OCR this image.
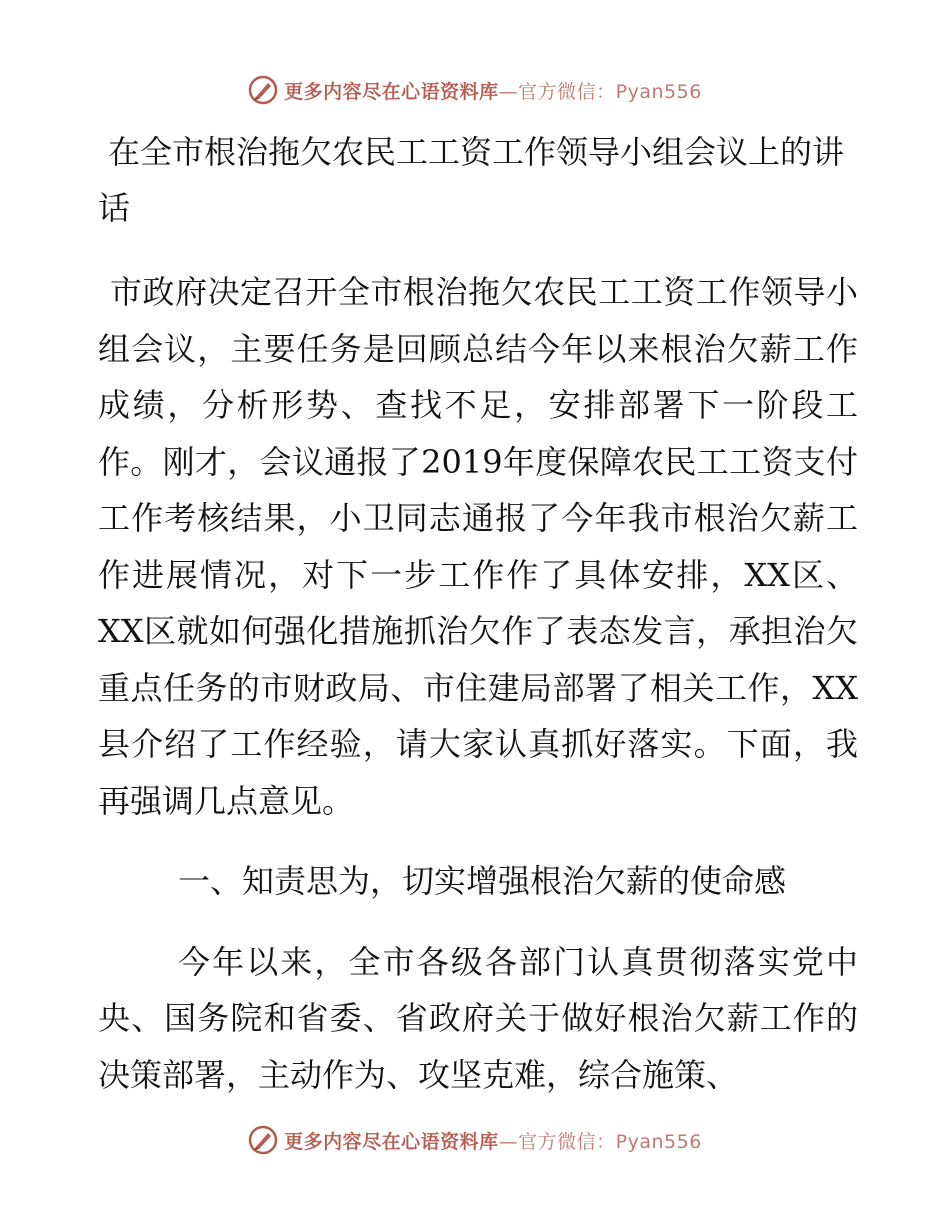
更多内容尽在心语资料库—官方微信：Pyan556
在全市根治拖欠农民工工资工作领导小组会议上的讲话

市政府决定召开全市根治拖欠农民工工资工作领导小组会议，主要任务是回顾总结今年以来根治欠薪工作成绩，分析形势、查找不足，安排部署下一阶段工作。刚才，会议通报了2019年度保障农民工工资支付工作考核结果，小卫同志通报了今年我市根治欠薪工作进展情况，对下一步工作作了具体安排，XX区、XX区就如何强化措施抓治欠作了表态发言，承担治欠重点任务的市财政局、市住建局部署了相关工作，XX县介绍了工作经验，请大家认真抓好落实。下面，我再强调几点意见。

一、知责思为，切实增强根治欠薪的使命感

今年以来，全市各级各部门认真贯彻落实党中央、国务院和省委、省政府关于做好根治欠薪工作的决策部署，主动作为、攻坚克难，综合施策、

更多内容尽在心语资料库—官方微信：Pyan556
